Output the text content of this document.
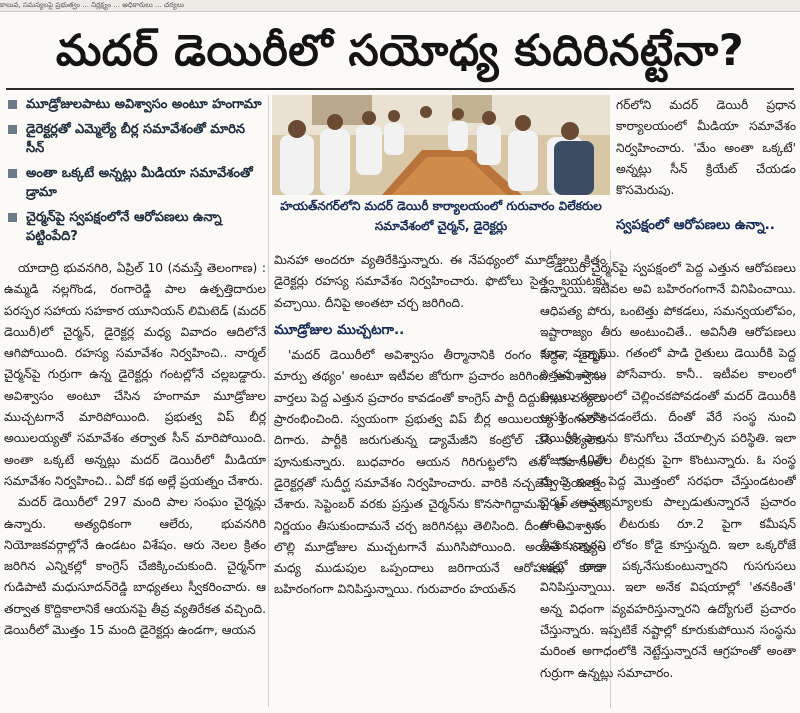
కాలువ, సమస్యలపై ప్రభుత్వం ... నిర్లక్ష్యం ... అధికారులు ... చర్యలు
మదర్ డెయిరీలో సయోధ్య కుదిరినట్టేనా?
మూడ్రోజులపాటు అవిశ్వాసం అంటూ హంగామా
డైరెక్టర్లతో ఎమ్మెల్యే బీర్ల సమావేశంతో మారిన సీన్
అంతా ఒక్కటే అన్నట్లు మీడియా సమావేశంతో డ్రామా
చైర్మన్‌పై స్వపక్షంలోనే ఆరోపణలు ఉన్నా పట్టింపేది?

యాదాద్రి భువనగిరి, ఏప్రిల్ 10 (నమస్తే తెలంగాణ) : ఉమ్మడి నల్లగొండ, రంగారెడ్డి పాల ఉత్పత్తిదారుల పరస్పర సహాయ సహకార యూనియన్ లిమిటెడ్ (మదర్ డెయిరీ)లో చైర్మన్, డైరెక్టర్ల మధ్య వివాదం ఆదిలోనే ఆగిపోయింది. రహస్య సమావేశం నిర్వహించి.. నార్మల్ చైర్మన్‌పై గుర్రుగా ఉన్న డైరెక్టర్లు గంటల్లోనే చల్లబడ్డారు. అవిశ్వాసం అంటూ చేసిన హంగామా మూడ్రోజుల ముచ్చటగానే మారిపోయింది. ప్రభుత్వ విప్ బీర్ల అయిలయ్యతో సమావేశం తర్వాత సీన్ మారిపోయింది. అంతా ఒక్కటే అన్నట్లు మదర్ డెయిరీలో మీడియా సమావేశం నిర్వహించి.. ఏదో కథ అల్లే ప్రయత్నం చేశారు.

మదర్ డెయిరీలో 297 మంది పాల సంఘం చైర్మన్లు ఉన్నారు. అత్యధికంగా ఆలేరు, భువనగిరి నియోజకవర్గాల్లోనే ఉండటం విశేషం. ఆరు నెలల క్రితం జరిగిన ఎన్నికల్లో కాంగ్రెస్ చేజిక్కించుకుంది. చైర్మన్‌గా గుడిపాటి మధుసూదన్‌రెడ్డి బాధ్యతలు స్వీకరించారు. ఆ తర్వాత కొద్దికాలానికే ఆయనపై తీవ్ర వ్యతిరేకత వచ్చింది. డెయిరీలో మొత్తం 15 మంది డైరెక్టర్లు ఉండగా, ఆయన

హయత్‌నగర్‌లోని మదర్ డెయిరీ కార్యాలయంలో గురువారం విలేకరుల సమావేశంలో చైర్మన్, డైరెక్టర్లు

మినహా అందరూ వ్యతిరేకిస్తున్నారు. ఈ నేపథ్యంలో మూడ్రోజుల క్రితం డైరెక్టర్లు రహస్య సమావేశం నిర్వహించారు. ఫొటోలు సైతం బయటకు వచ్చాయి. దీనిపై అంతటా చర్చ జరిగింది.

మూడ్రోజుల ముచ్చటగా..

'మదర్ డెయిరీలో అవిశ్వాసం తీర్మానానికి రంగం సిద్ధం, చైర్మన్ మార్పు తథ్యం' అంటూ ఇటీవల జోరుగా ప్రచారం జరిగింది. అవిశ్వాసం వార్తలు పెద్ద ఎత్తున ప్రచారం కావడంతో కాంగ్రెస్ పార్టీ దిద్దుబాటు చర్యలు ప్రారంభించింది. స్వయంగా ప్రభుత్వ విప్ బీర్ల అయిలయ్య రంగంలోకి దిగారు. పార్టీకి జరుగుతున్న డ్యామేజీని కంట్రోల్ చేసే చర్యలకు పూనుకున్నారు. బుధవారం ఆయన గిరిగుట్టలోని తన నివాసంలో డైరెక్టర్లతో సుదీర్ఘ సమావేశం నిర్వహించారు. వారికి నచ్చజెప్పే ప్రయత్నం చేశారు. సెప్టెంబర్ వరకు ప్రస్తుత చైర్మన్‌ను కొనసాగిద్దామని, ఆ తర్వాత నిర్ణయం తీసుకుందామనే చర్చ జరిగినట్లు తెలిసింది. దీంతో అవిశ్వాసం లొల్లి మూడ్రోజుల ముచ్చటగానే ముగిసిపోయింది. అయితే సత్యుల మధ్య ముడుపుల ఒప్పందాలు జరిగాయనే ఆరోపణలు కూడా బహిరంగంగా వినిపిస్తున్నాయి. గురువారం హయత్‌న

గర్‌లోని మదర్ డెయిరీ ప్రధాన కార్యాలయంలో మీడియా సమావేశం నిర్వహించారు. 'మేం అంతా ఒక్కటే' అన్నట్లు సీన్ క్రియేట్ చేయడం కొసమెరుపు.

స్వపక్షంలో ఆరోపణలు ఉన్నా..

డెయిరీ చైర్మన్‌పై స్వపక్షంలో పెద్ద ఎత్తున ఆరోపణలు ఉన్నాయి. ఇటీవల అవి బహిరంగంగానే వినిపించాయి. ఆధిపత్య పోరు, ఒంటెత్తు పోకడలు, సమన్వయలోపం, ఇష్టారాజ్యం తీరు అంటుంచితే.. అవినీతి ఆరోపణలు కూడా వచ్చాయి. గతంలో పాడి రైతులు డెయిరీకి పెద్ద ఎత్తున పాలు పోసేవారు. కానీ.. ఇటీవల కాలంలో బిల్లులు సకాలంలో చెల్లించకపోవడంతో మదర్ డెయిరీకి ఆసక్తి చూపించడంలేదు. దీంతో వేరే సంస్థ నుంచి డెయిరీకి పాలను కొనుగోలు చేయాల్సిన పరిస్థితి. ఇలా రోజుకు 40వేల లీటర్లకు పైగా కొంటున్నారు. ఓ సంస్థ నుంచి ఇంత పెద్ద మొత్తంలో సరఫరా చేస్తుండటంతో చైర్మన్ అమ్యామ్యాలకు పాల్పడుతున్నారనే ప్రచారం ఉంది. ఒక లీటరుకు రూ.2 పైగా కమీషన్ తీసుకున్నారని లోకం కోడై కూస్తున్నది. ఇలా ఒక్కరోజే లక్షల్లో దాకా పక్కనేసుకుంటున్నారని గుసగుసలు వినిపిస్తున్నాయి. ఇలా అనేక విషయాల్లో 'తనకింతే' అన్న విధంగా వ్యవహరిస్తున్నారని ఉద్యోగులే ప్రచారం చేస్తున్నారు. ఇప్పటికే నష్టాల్లో కూరుకుపోయిన సంస్థను మరింత అగాధంలోకి నెట్టేస్తున్నారనే ఆగ్రహంతో అంతా గుర్రుగా ఉన్నట్లు సమాచారం.
